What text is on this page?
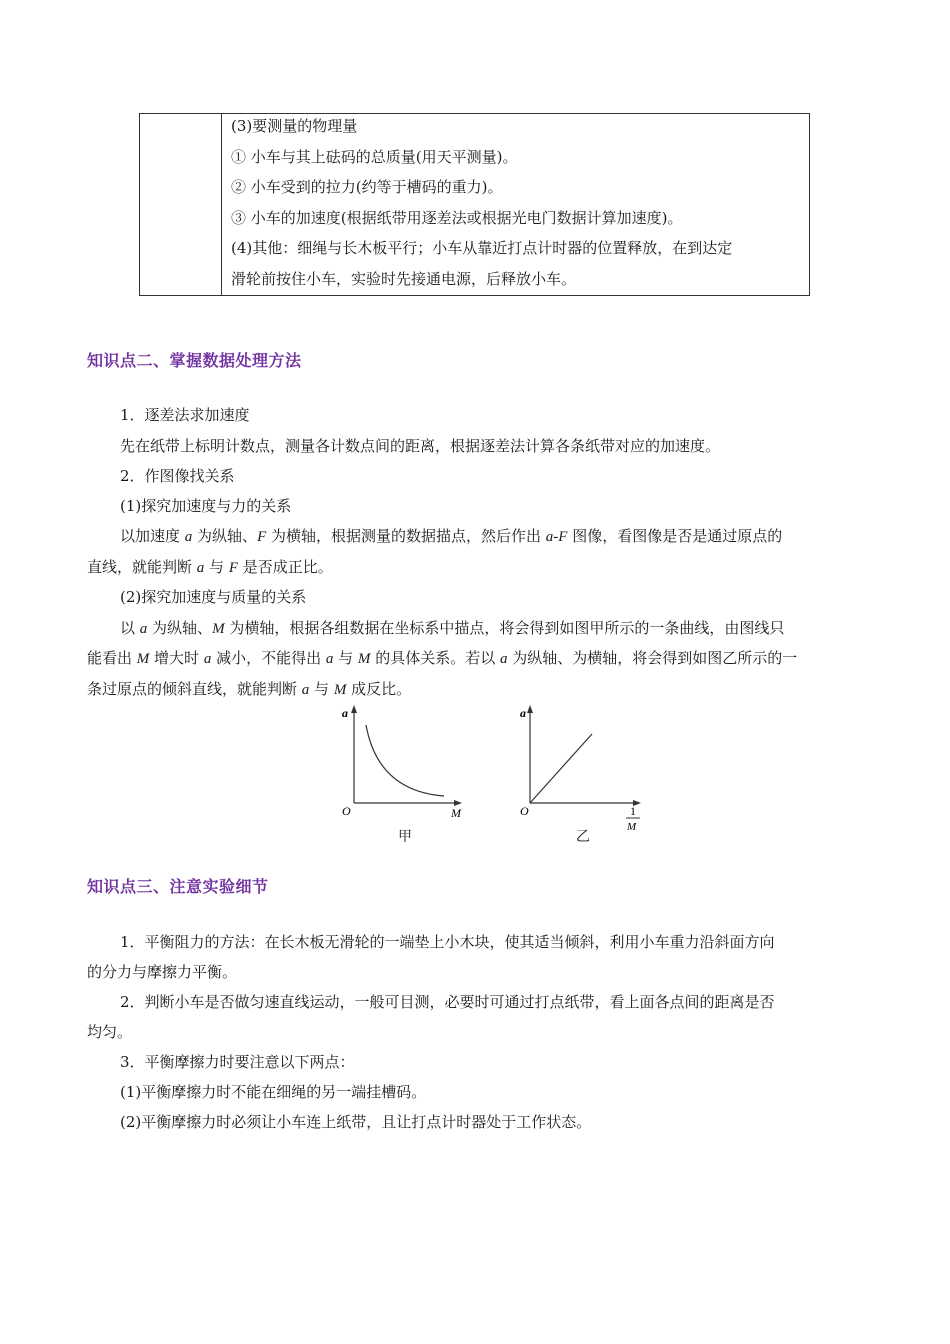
(3)要测量的物理量
① 小车与其上砝码的总质量(用天平测量)。
② 小车受到的拉力(约等于槽码的重力)。
③ 小车的加速度(根据纸带用逐差法或根据光电门数据计算加速度)。
(4)其他：细绳与长木板平行；小车从靠近打点计时器的位置释放，在到达定
滑轮前按住小车，实验时先接通电源，后释放小车。
知识点二、掌握数据处理方法
1．逐差法求加速度
先在纸带上标明计数点，测量各计数点间的距离，根据逐差法计算各条纸带对应的加速度。
2．作图像找关系
(1)探究加速度与力的关系
以加速度 a 为纵轴、F 为横轴，根据测量的数据描点，然后作出 a-F 图像，看图像是否是通过原点的
直线，就能判断 a 与 F 是否成正比。
(2)探究加速度与质量的关系
以 a 为纵轴、M 为横轴，根据各组数据在坐标系中描点，将会得到如图甲所示的一条曲线，由图线只
能看出 M 增大时 a 减小，不能得出 a 与 M 的具体关系。若以 a 为纵轴、为横轴，将会得到如图乙所示的一
条过原点的倾斜直线，就能判断 a 与 M 成反比。
a
O	M
甲
a
O	1
M
乙
知识点三、注意实验细节
1．平衡阻力的方法：在长木板无滑轮的一端垫上小木块，使其适当倾斜，利用小车重力沿斜面方向
的分力与摩擦力平衡。
2．判断小车是否做匀速直线运动，一般可目测，必要时可通过打点纸带，看上面各点间的距离是否
均匀。
3．平衡摩擦力时要注意以下两点：
(1)平衡摩擦力时不能在细绳的另一端挂槽码。
(2)平衡摩擦力时必须让小车连上纸带，且让打点计时器处于工作状态。
